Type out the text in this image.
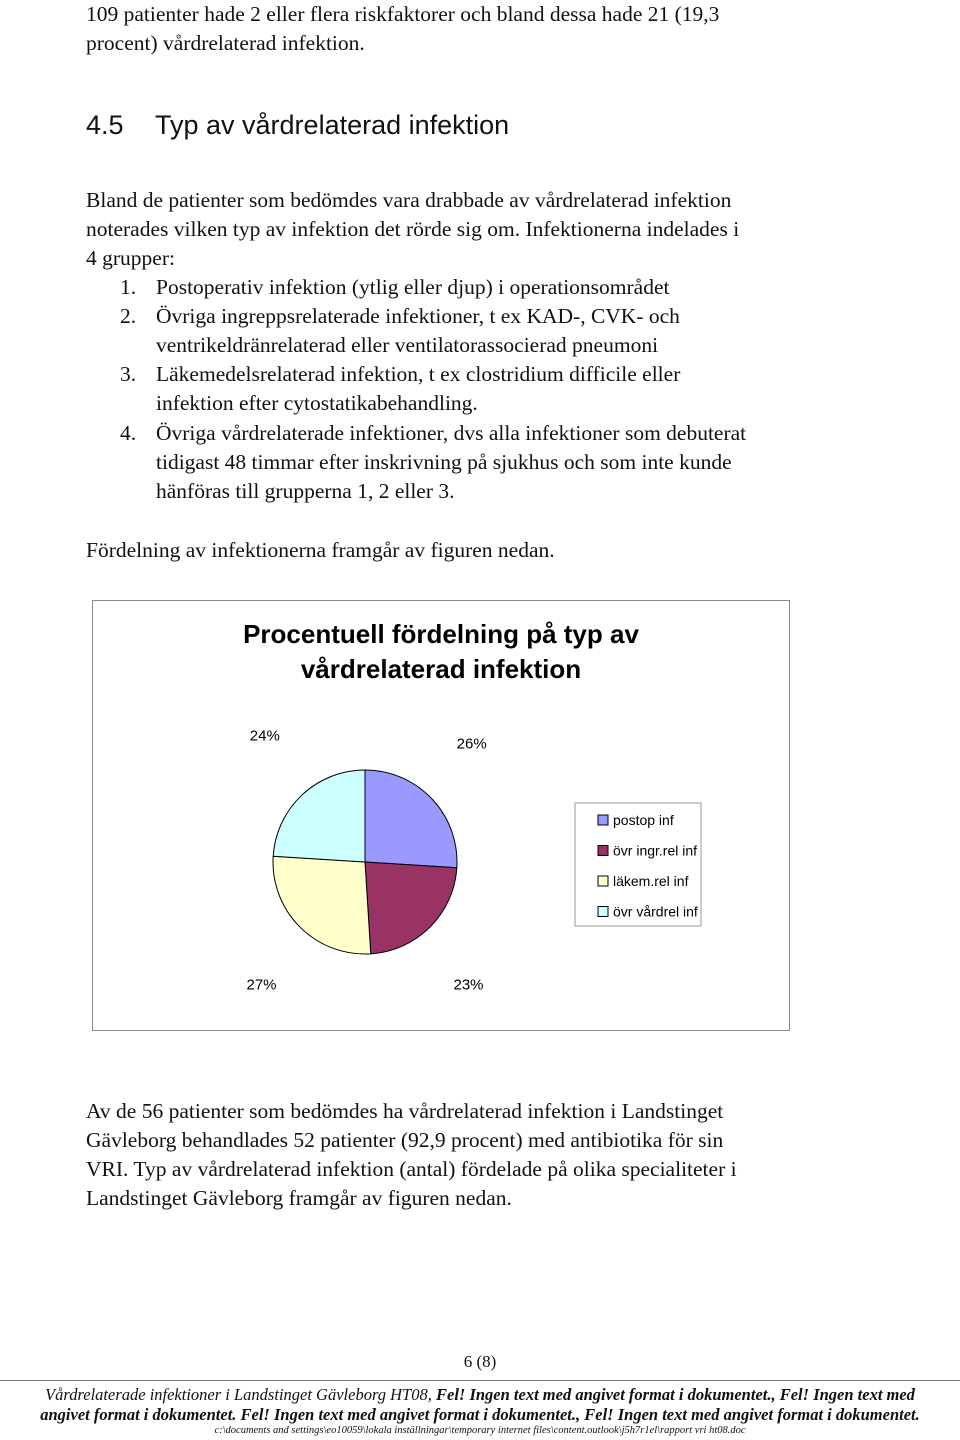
109 patienter hade 2 eller flera riskfaktorer och bland dessa hade 21 (19,3
procent) vårdrelaterad infektion.
4.5 Typ av vårdrelaterad infektion
Bland de patienter som bedömdes vara drabbade av vårdrelaterad infektion
noterades vilken typ av infektion det rörde sig om. Infektionerna indelades i
4 grupper:
1. Postoperativ infektion (ytlig eller djup) i operationsområdet
2. Övriga ingreppsrelaterade infektioner, t ex KAD-, CVK- och
ventrikeldränrelaterad eller ventilatorassocierad pneumoni
3. Läkemedelsrelaterad infektion, t ex clostridium difficile eller
infektion efter cytostatikabehandling.
4. Övriga vårdrelaterade infektioner, dvs alla infektioner som debuterat
tidigast 48 timmar efter inskrivning på sjukhus och som inte kunde
hänföras till grupperna 1, 2 eller 3.
Fördelning av infektionerna framgår av figuren nedan.
Procentuell fördelning på typ av
vårdrelaterad infektion
26%
23%
27%
24%
postop inf
övr ingr.rel inf
läkem.rel inf
övr vårdrel inf
Av de 56 patienter som bedömdes ha vårdrelaterad infektion i Landstinget
Gävleborg behandlades 52 patienter (92,9 procent) med antibiotika för sin
VRI. Typ av vårdrelaterad infektion (antal) fördelade på olika specialiteter i
Landstinget Gävleborg framgår av figuren nedan.
6 (8)
Vårdrelaterade infektioner i Landstinget Gävleborg HT08, Fel! Ingen text med angivet format i dokumentet., Fel! Ingen text med
angivet format i dokumentet. Fel! Ingen text med angivet format i dokumentet., Fel! Ingen text med angivet format i dokumentet.
c:\documents and settings\eo10059\lokala inställningar\temporary internet files\content.outlook\j5h7r1el\rapport vri ht08.doc
